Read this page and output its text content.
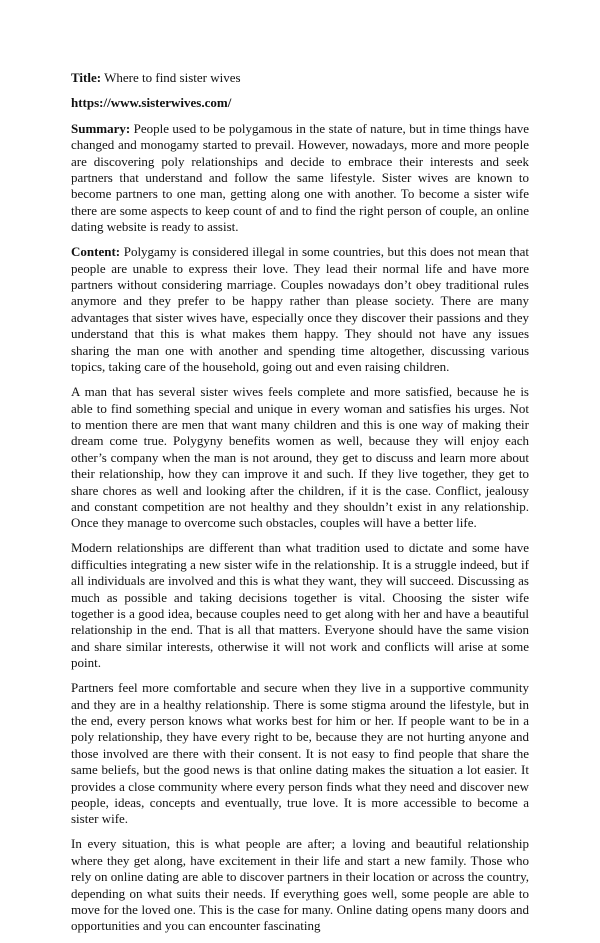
Title: Where to find sister wives

https://www.sisterwives.com/

Summary: People used to be polygamous in the state of nature, but in time things have changed and monogamy started to prevail. However, nowadays, more and more people are discovering poly relationships and decide to embrace their interests and seek partners that understand and follow the same lifestyle. Sister wives are known to become partners to one man, getting along one with another. To become a sister wife there are some aspects to keep count of and to find the right person of couple, an online dating website is ready to assist.

Content: Polygamy is considered illegal in some countries, but this does not mean that people are unable to express their love. They lead their normal life and have more partners without considering marriage. Couples nowadays don’t obey traditional rules anymore and they prefer to be happy rather than please society. There are many advantages that sister wives have, especially once they discover their passions and they understand that this is what makes them happy. They should not have any issues sharing the man one with another and spending time altogether, discussing various topics, taking care of the household, going out and even raising children.

A man that has several sister wives feels complete and more satisfied, because he is able to find something special and unique in every woman and satisfies his urges. Not to mention there are men that want many children and this is one way of making their dream come true. Polygyny benefits women as well, because they will enjoy each other’s company when the man is not around, they get to discuss and learn more about their relationship, how they can improve it and such. If they live together, they get to share chores as well and looking after the children, if it is the case. Conflict, jealousy and constant competition are not healthy and they shouldn’t exist in any relationship. Once they manage to overcome such obstacles, couples will have a better life.

Modern relationships are different than what tradition used to dictate and some have difficulties integrating a new sister wife in the relationship. It is a struggle indeed, but if all individuals are involved and this is what they want, they will succeed. Discussing as much as possible and taking decisions together is vital. Choosing the sister wife together is a good idea, because couples need to get along with her and have a beautiful relationship in the end. That is all that matters. Everyone should have the same vision and share similar interests, otherwise it will not work and conflicts will arise at some point.

Partners feel more comfortable and secure when they live in a supportive community and they are in a healthy relationship. There is some stigma around the lifestyle, but in the end, every person knows what works best for him or her. If people want to be in a poly relationship, they have every right to be, because they are not hurting anyone and those involved are there with their consent. It is not easy to find people that share the same beliefs, but the good news is that online dating makes the situation a lot easier. It provides a close community where every person finds what they need and discover new people, ideas, concepts and eventually, true love. It is more accessible to become a sister wife.

In every situation, this is what people are after; a loving and beautiful relationship where they get along, have excitement in their life and start a new family. Those who rely on online dating are able to discover partners in their location or across the country, depending on what suits their needs. If everything goes well, some people are able to move for the loved one. This is the case for many. Online dating opens many doors and opportunities and you can encounter fascinating
